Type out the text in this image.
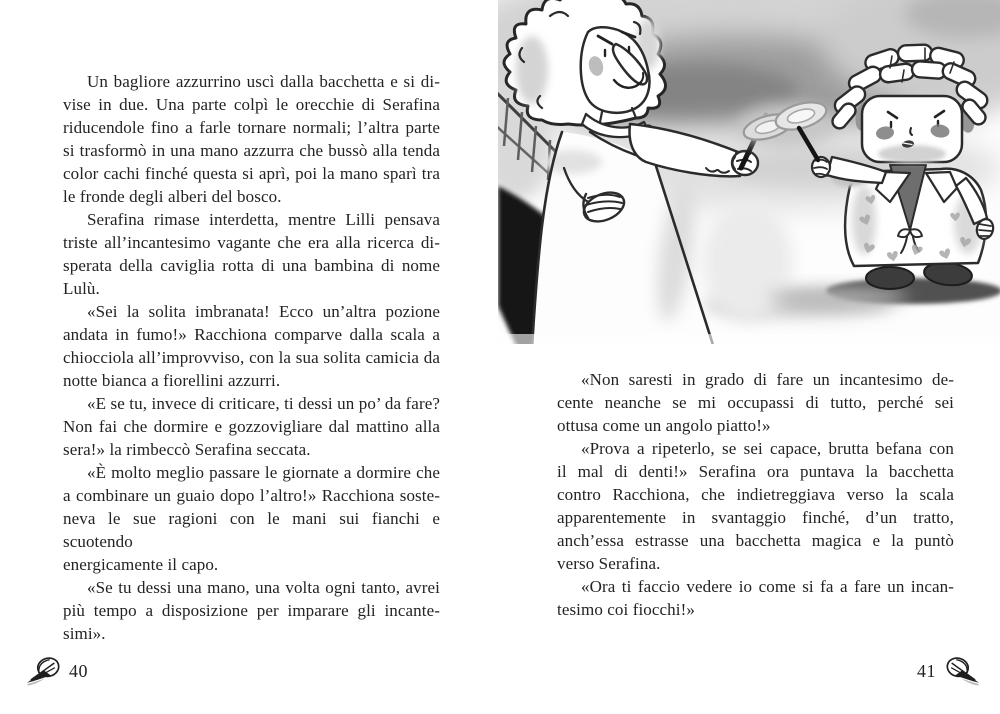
Un bagliore azzurrino uscì dalla bacchetta e si di-
vise in due. Una parte colpì le orecchie di Serafina
riducendole fino a farle tornare normali; l’altra parte
si trasformò in una mano azzurra che bussò alla tenda
color cachi finché questa si aprì, poi la mano sparì tra
le fronde degli alberi del bosco.
Serafina rimase interdetta, mentre Lilli pensava
triste all’incantesimo vagante che era alla ricerca di-
sperata della caviglia rotta di una bambina di nome
Lulù.
«Sei la solita imbranata! Ecco un’altra pozione
andata in fumo!» Racchiona comparve dalla scala a
chiocciola all’improvviso, con la sua solita camicia da
notte bianca a fiorellini azzurri.
«E se tu, invece di criticare, ti dessi un po’ da fare?
Non fai che dormire e gozzovigliare dal mattino alla
sera!» la rimbeccò Serafina seccata.
«È molto meglio passare le giornate a dormire che
a combinare un guaio dopo l’altro!» Racchiona soste-
neva le sue ragioni con le mani sui fianchi e scuotendo
energicamente il capo.
«Se tu dessi una mano, una volta ogni tanto, avrei
più tempo a disposizione per imparare gli incante-
simi».
40
«Non saresti in grado di fare un incantesimo de-
cente neanche se mi occupassi di tutto, perché sei
ottusa come un angolo piatto!»
«Prova a ripeterlo, se sei capace, brutta befana con
il mal di denti!» Serafina ora puntava la bacchetta
contro Racchiona, che indietreggiava verso la scala
apparentemente in svantaggio finché, d’un tratto,
anch’essa estrasse una bacchetta magica e la puntò
verso Serafina.
«Ora ti faccio vedere io come si fa a fare un incan-
tesimo coi fiocchi!»
41
